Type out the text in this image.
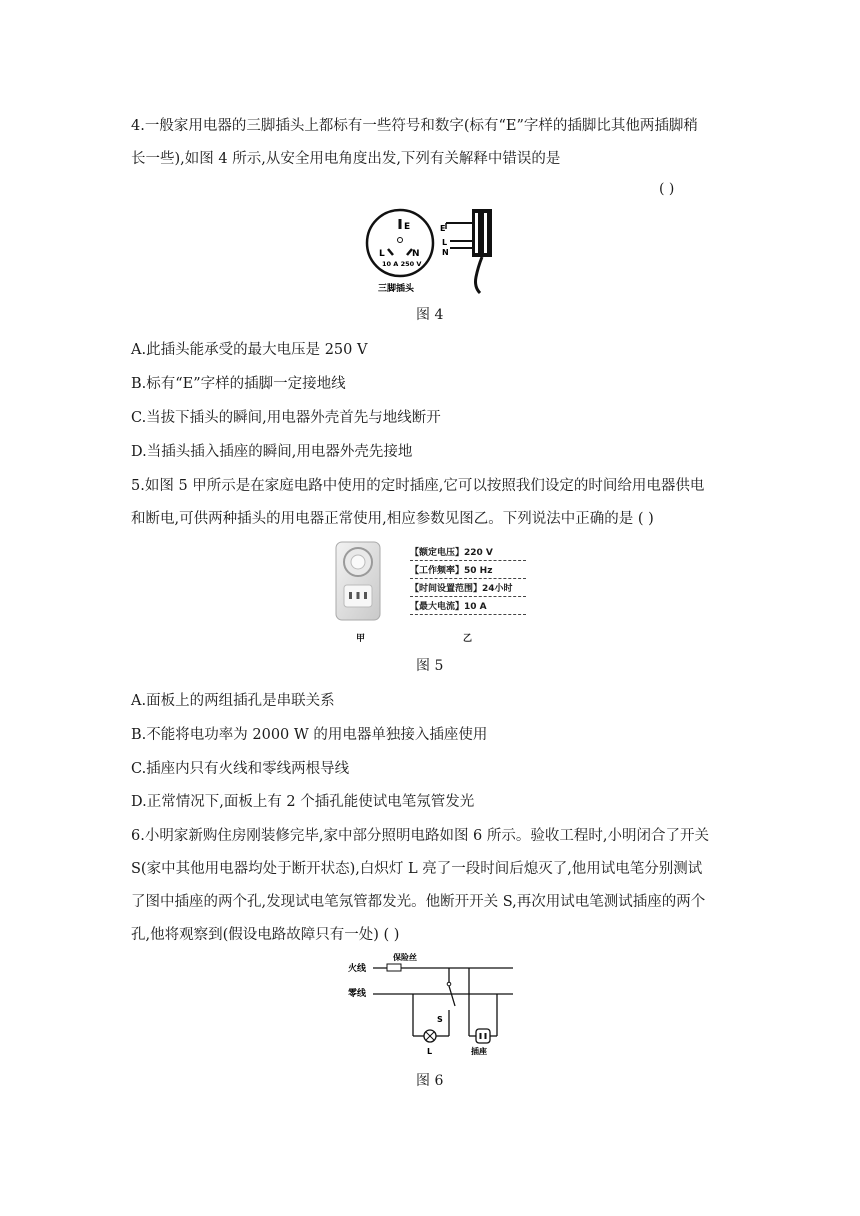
4.一般家用电器的三脚插头上都标有一些符号和数字(标有“E”字样的插脚比其他两插脚稍
长一些),如图 4 所示,从安全用电角度出发,下列有关解释中错误的是
( )
E
L	N
10 A 250 V
E
L
N
三脚插头
图 4
A.此插头能承受的最大电压是 250 V
B.标有“E”字样的插脚一定接地线
C.当拔下插头的瞬间,用电器外壳首先与地线断开
D.当插头插入插座的瞬间,用电器外壳先接地
5.如图 5 甲所示是在家庭电路中使用的定时插座,它可以按照我们设定的时间给用电器供电
和断电,可供两种插头的用电器正常使用,相应参数见图乙。下列说法中正确的是 ( )
【额定电压】220 V
【工作频率】50 Hz
【时间设置范围】24小时
【最大电流】10 A
甲	乙
图 5
A.面板上的两组插孔是串联关系
B.不能将电功率为 2000 W 的用电器单独接入插座使用
C.插座内只有火线和零线两根导线
D.正常情况下,面板上有 2 个插孔能使试电笔氖管发光
6.小明家新购住房刚装修完毕,家中部分照明电路如图 6 所示。验收工程时,小明闭合了开关
S(家中其他用电器均处于断开状态),白炽灯 L 亮了一段时间后熄灭了,他用试电笔分别测试
了图中插座的两个孔,发现试电笔氖管都发光。他断开开关 S,再次用试电笔测试插座的两个
孔,他将观察到(假设电路故障只有一处) ( )
火线
保险丝
零线
L
S
插座
图 6
